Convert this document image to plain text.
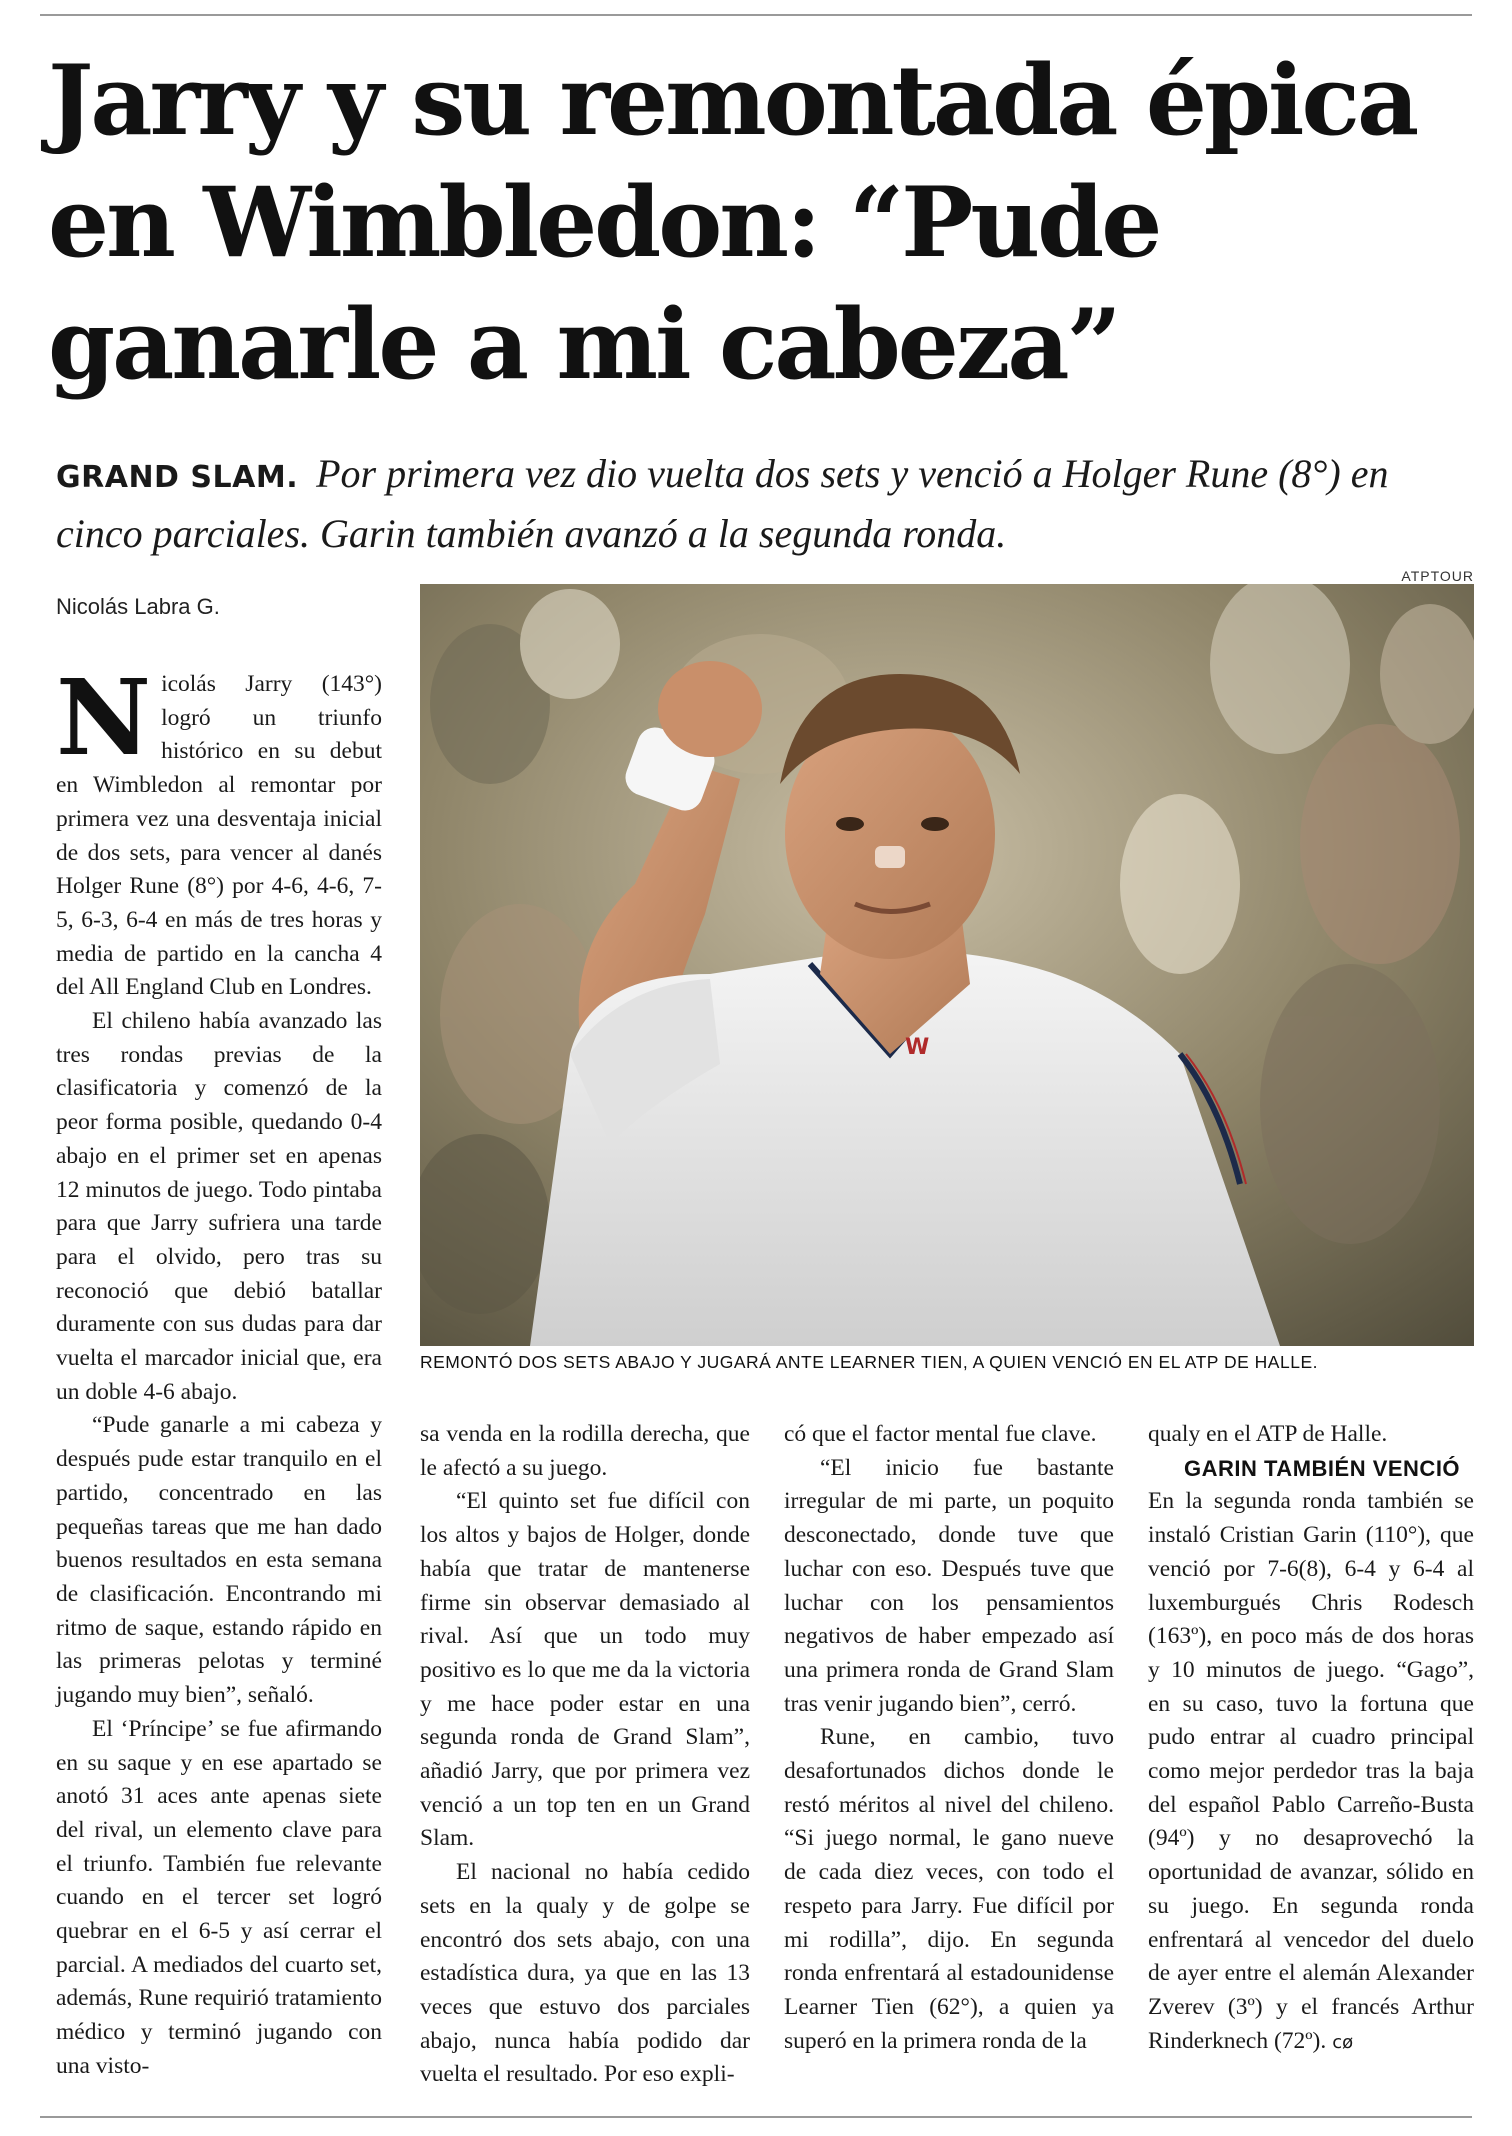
Jarry y su remontada épica en Wimbledon: “Pude ganarle a mi cabeza”

GRAND SLAM. Por primera vez dio vuelta dos sets y venció a Holger Rune (8°) en cinco parciales. Garin también avanzó a la segunda ronda.

ATPTOUR
W

REMONTÓ DOS SETS ABAJO Y JUGARÁ ANTE LEARNER TIEN, A QUIEN VENCIÓ EN EL ATP DE HALLE.

Nicolás Labra G.

Nicolás Jarry (143°) logró un triunfo histórico en su debut en Wimbledon al remontar por primera vez una desventaja inicial de dos sets, para vencer al danés Holger Rune (8°) por 4-6, 4-6, 7-5, 6-3, 6-4 en más de tres horas y media de partido en la cancha 4 del All England Club en Londres.

El chileno había avanzado las tres rondas previas de la clasificatoria y comenzó de la peor forma posible, quedando 0-4 abajo en el primer set en apenas 12 minutos de juego. Todo pintaba para que Jarry sufriera una tarde para el olvido, pero tras su reconoció que debió batallar duramente con sus dudas para dar vuelta el marcador inicial que, era un doble 4-6 abajo.

“Pude ganarle a mi cabeza y después pude estar tranquilo en el partido, concentrado en las pequeñas tareas que me han dado buenos resultados en esta semana de clasificación. Encontrando mi ritmo de saque, estando rápido en las primeras pelotas y terminé jugando muy bien”, señaló.

El ‘Príncipe’ se fue afirmando en su saque y en ese apartado se anotó 31 aces ante apenas siete del rival, un elemento clave para el triunfo. También fue relevante cuando en el tercer set logró quebrar en el 6-5 y así cerrar el parcial. A mediados del cuarto set, además, Rune requirió tratamiento médico y terminó jugando con una visto-

sa venda en la rodilla derecha, que le afectó a su juego.

“El quinto set fue difícil con los altos y bajos de Holger, donde había que tratar de mantenerse firme sin observar demasiado al rival. Así que un todo muy positivo es lo que me da la victoria y me hace poder estar en una segunda ronda de Grand Slam”, añadió Jarry, que por primera vez venció a un top ten en un Grand Slam.

El nacional no había cedido sets en la qualy y de golpe se encontró dos sets abajo, con una estadística dura, ya que en las 13 veces que estuvo dos parciales abajo, nunca había podido dar vuelta el resultado. Por eso expli-

có que el factor mental fue clave.

“El inicio fue bastante irregular de mi parte, un poquito desconectado, donde tuve que luchar con eso. Después tuve que luchar con los pensamientos negativos de haber empezado así una primera ronda de Grand Slam tras venir jugando bien”, cerró.

Rune, en cambio, tuvo desafortunados dichos donde le restó méritos al nivel del chileno. “Si juego normal, le gano nueve de cada diez veces, con todo el respeto para Jarry. Fue difícil por mi rodilla”, dijo. En segunda ronda enfrentará al estadounidense Learner Tien (62°), a quien ya superó en la primera ronda de la

qualy en el ATP de Halle.

GARIN TAMBIÉN VENCIÓ

En la segunda ronda también se instaló Cristian Garin (110°), que venció por 7-6(8), 6-4 y 6-4 al luxemburgués Chris Rodesch (163º), en poco más de dos horas y 10 minutos de juego. “Gago”, en su caso, tuvo la fortuna que pudo entrar al cuadro principal como mejor perdedor tras la baja del español Pablo Carreño-Busta (94º) y no desaprovechó la oportunidad de avanzar, sólido en su juego. En segunda ronda enfrentará al vencedor del duelo de ayer entre el alemán Alexander Zverev (3º) y el francés Arthur Rinderknech (72º). cø
